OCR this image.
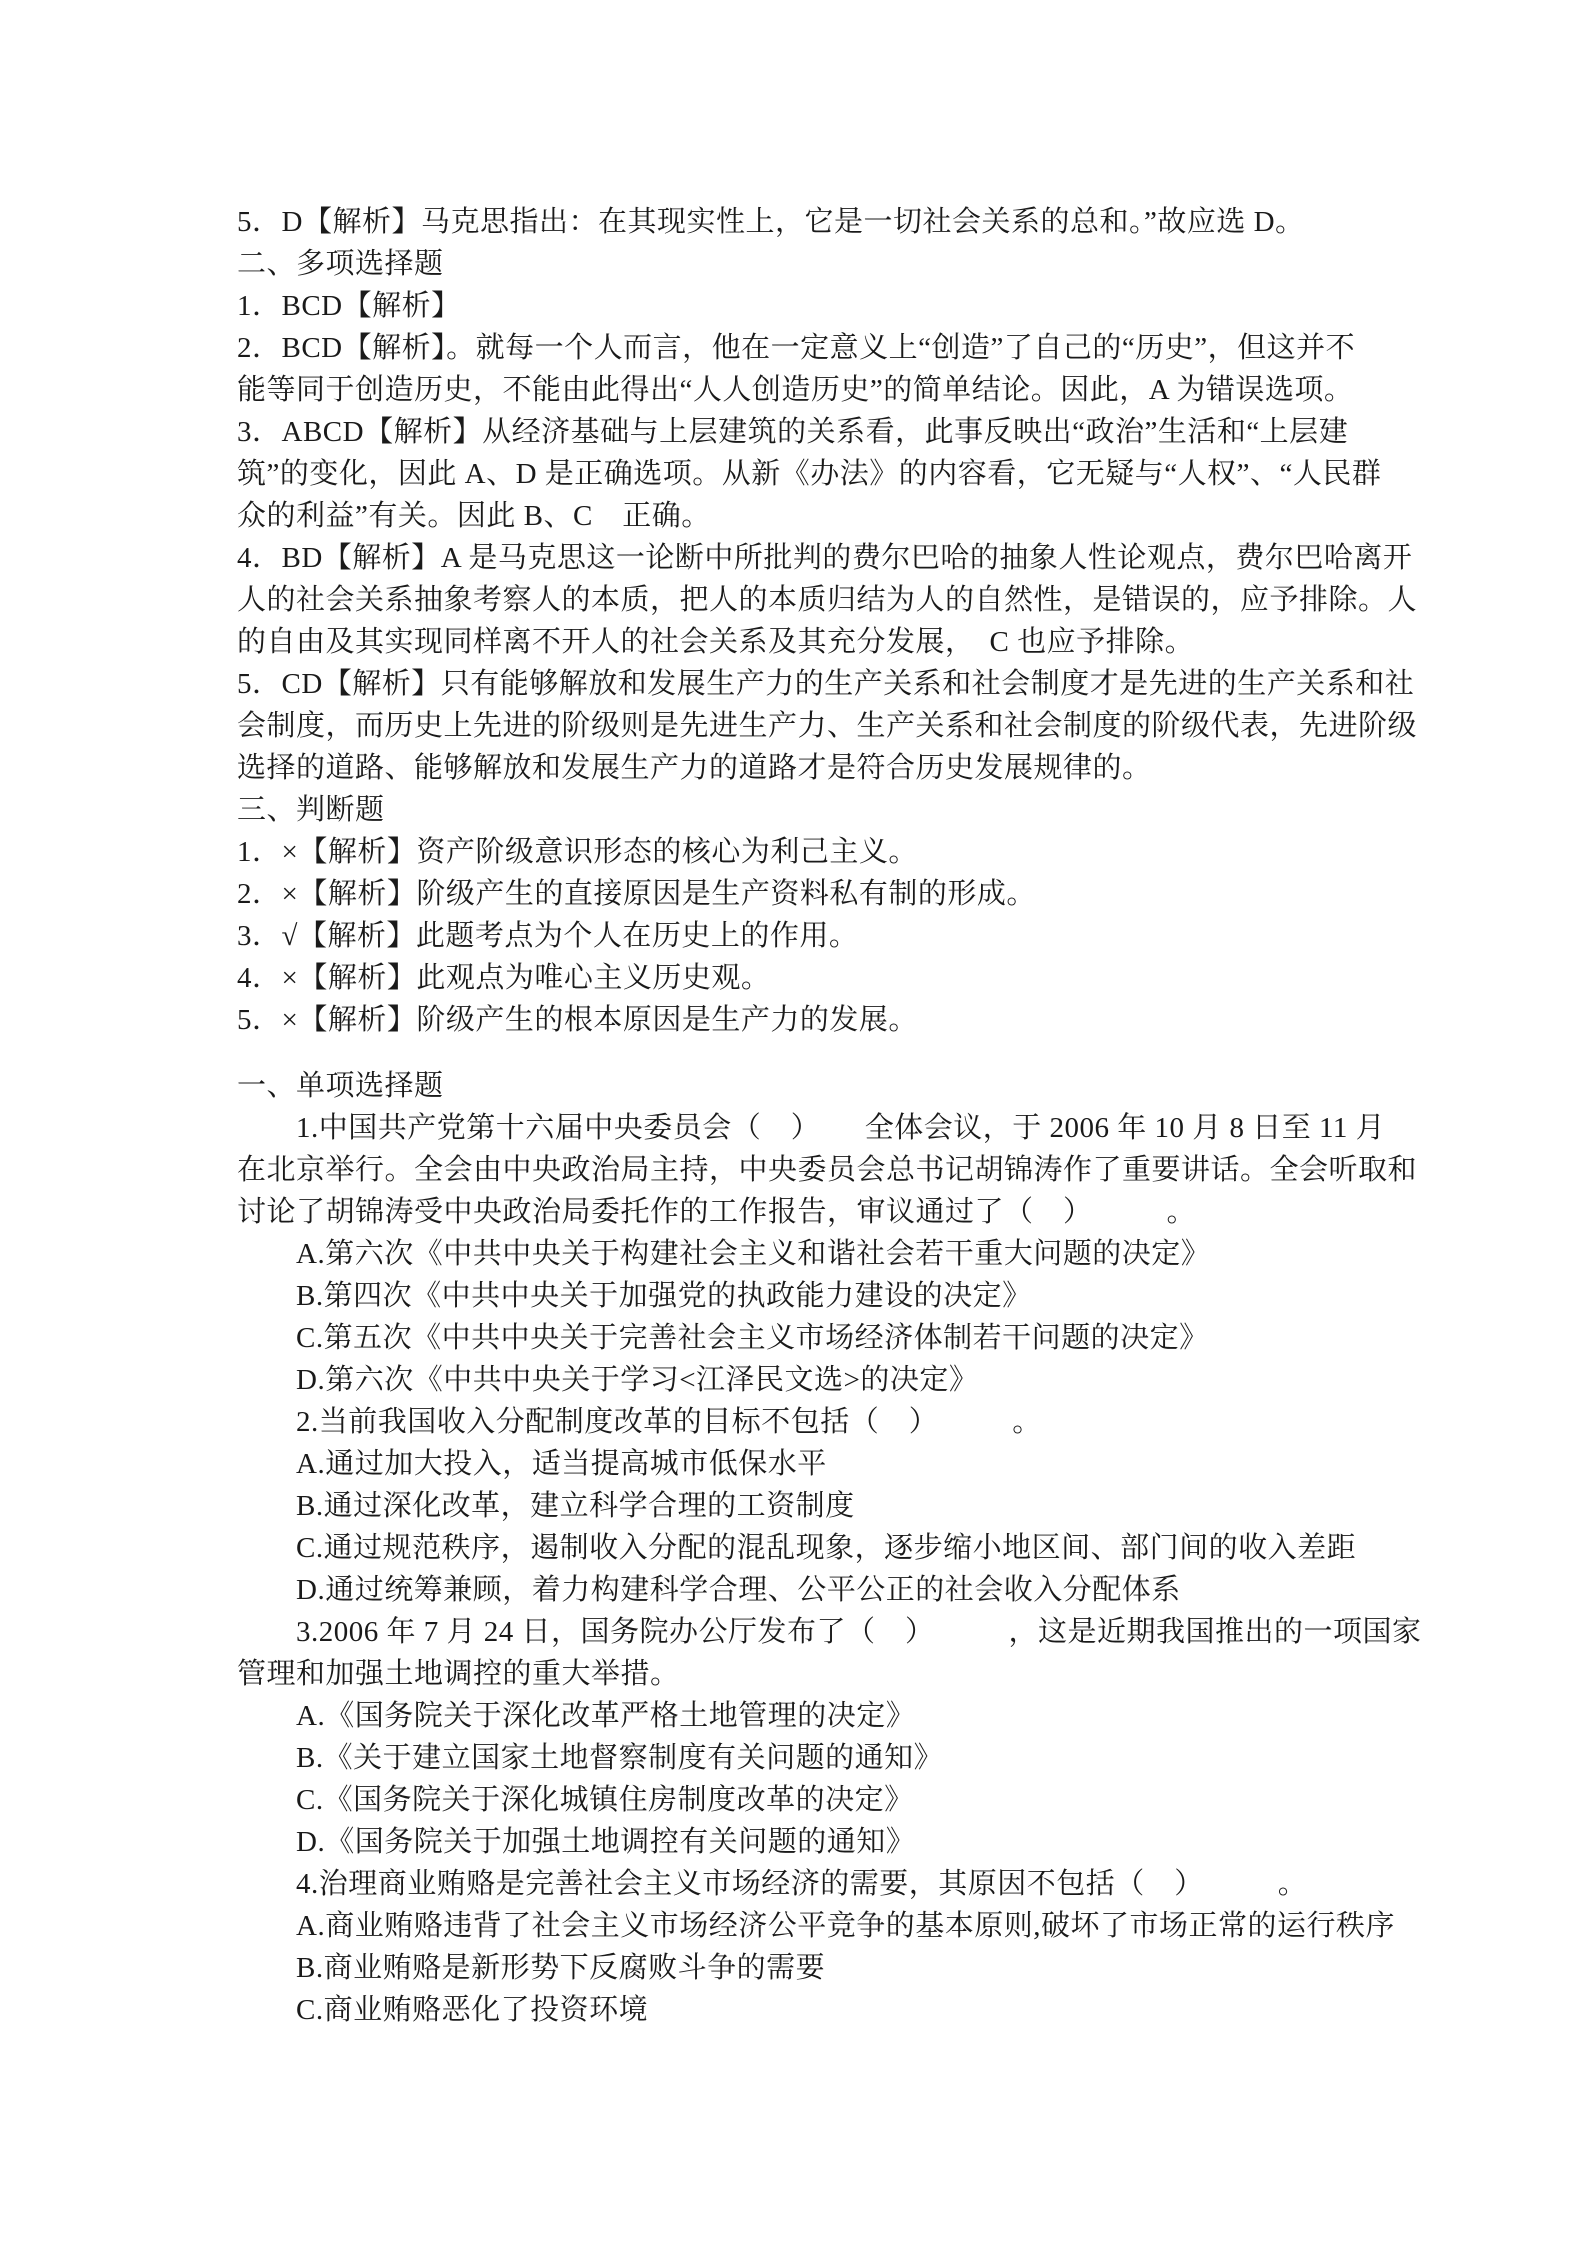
5．D【解析】马克思指出：在其现实性上，它是一切社会关系的总和。”故应选 D。
二、多项选择题
1．BCD【解析】
2．BCD【解析】。就每一个人而言，他在一定意义上“创造”了自己的“历史”，但这并不
能等同于创造历史，不能由此得出“人人创造历史”的简单结论。因此，A 为错误选项。
3．ABCD【解析】从经济基础与上层建筑的关系看，此事反映出“政治”生活和“上层建
筑”的变化，因此 A、D 是正确选项。从新《办法》的内容看，它无疑与“人权”、“人民群
众的利益”有关。因此 B、C　正确。
4．BD【解析】A 是马克思这一论断中所批判的费尔巴哈的抽象人性论观点，费尔巴哈离开
人的社会关系抽象考察人的本质，把人的本质归结为人的自然性，是错误的，应予排除。人
的自由及其实现同样离不开人的社会关系及其充分发展，　C 也应予排除。
5．CD【解析】只有能够解放和发展生产力的生产关系和社会制度才是先进的生产关系和社
会制度，而历史上先进的阶级则是先进生产力、生产关系和社会制度的阶级代表，先进阶级
选择的道路、能够解放和发展生产力的道路才是符合历史发展规律的。
三、判断题
1．×【解析】资产阶级意识形态的核心为利己主义。
2．×【解析】阶级产生的直接原因是生产资料私有制的形成。
3．√【解析】此题考点为个人在历史上的作用。
4．×【解析】此观点为唯心主义历史观。
5．×【解析】阶级产生的根本原因是生产力的发展。
一、单项选择题
　　1.中国共产党第十六届中央委员会（　）　　全体会议，于 2006 年 10 月 8 日至 11 月
在北京举行。全会由中央政治局主持，中央委员会总书记胡锦涛作了重要讲话。全会听取和
讨论了胡锦涛受中央政治局委托作的工作报告，审议通过了（　）　　　。
　　A.第六次《中共中央关于构建社会主义和谐社会若干重大问题的决定》
　　B.第四次《中共中央关于加强党的执政能力建设的决定》
　　C.第五次《中共中央关于完善社会主义市场经济体制若干问题的决定》
　　D.第六次《中共中央关于学习<江泽民文选>的决定》
　　2.当前我国收入分配制度改革的目标不包括（　）　　　。
　　A.通过加大投入，适当提高城市低保水平
　　B.通过深化改革，建立科学合理的工资制度
　　C.通过规范秩序，遏制收入分配的混乱现象，逐步缩小地区间、部门间的收入差距
　　D.通过统筹兼顾，着力构建科学合理、公平公正的社会收入分配体系
　　3.2006 年 7 月 24 日，国务院办公厅发布了（　）　　　，这是近期我国推出的一项国家
管理和加强土地调控的重大举措。
　　A.《国务院关于深化改革严格土地管理的决定》
　　B.《关于建立国家土地督察制度有关问题的通知》
　　C.《国务院关于深化城镇住房制度改革的决定》
　　D.《国务院关于加强土地调控有关问题的通知》
　　4.治理商业贿赂是完善社会主义市场经济的需要，其原因不包括（　）　　　。
　　A.商业贿赂违背了社会主义市场经济公平竞争的基本原则,破坏了市场正常的运行秩序
　　B.商业贿赂是新形势下反腐败斗争的需要
　　C.商业贿赂恶化了投资环境
